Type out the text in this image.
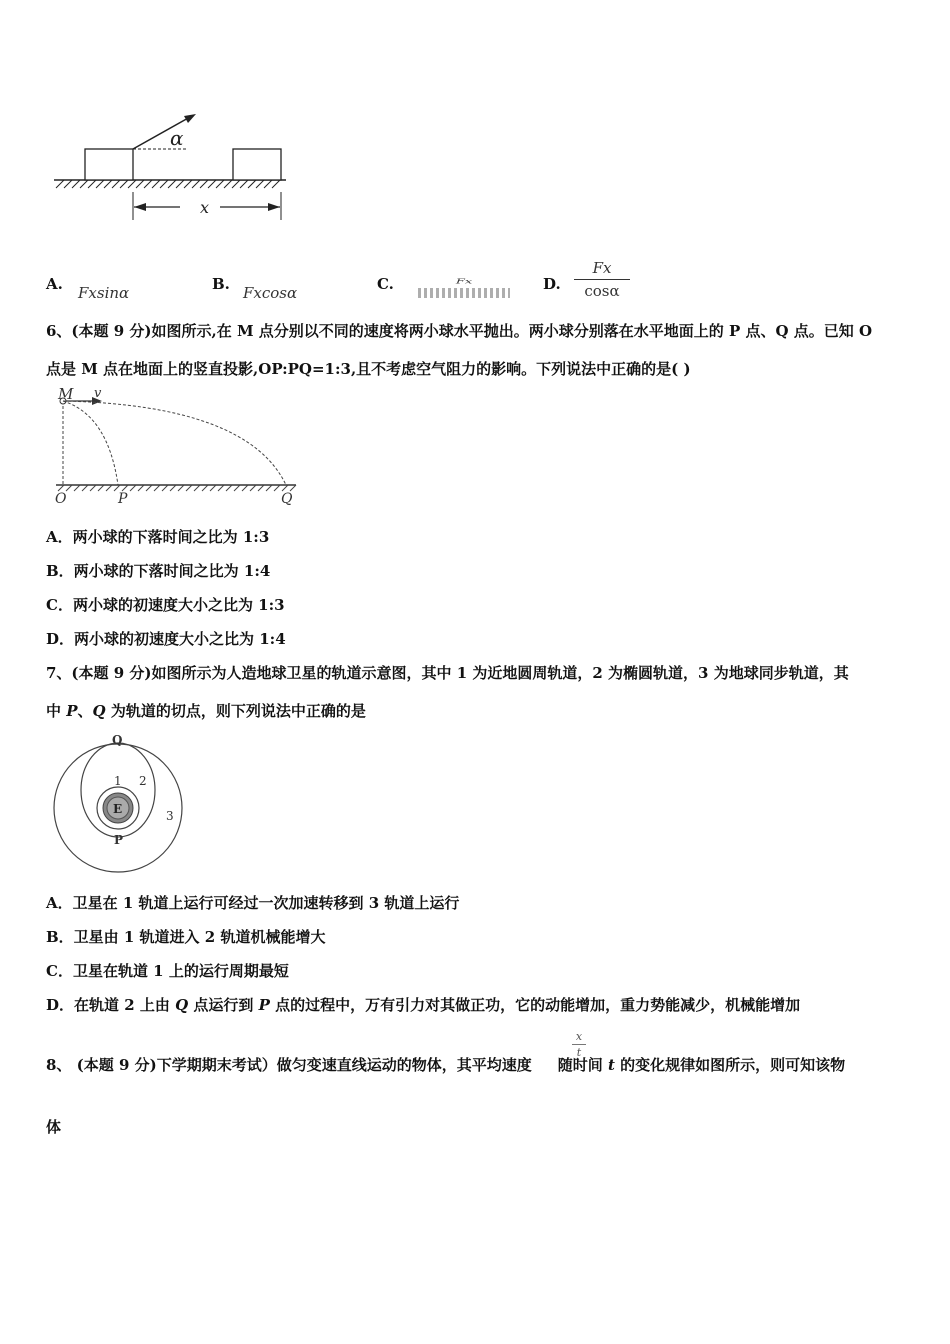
α
x
A. Fxsinα	B. Fxcosα	C.	Fx	D.
Fx
cosα
6、(本题 9 分)如图所示,在 M 点分别以不同的速度将两小球水平抛出。两小球分别落在水平地面上的 P 点、Q 点。已知 O
点是 M 点在地面上的竖直投影,OP:PQ=1:3,且不考虑空气阻力的影响。下列说法中正确的是( )
M v
O	P	Q
A．两小球的下落时间之比为 1:3
B．两小球的下落时间之比为 1:4
C．两小球的初速度大小之比为 1:3
D．两小球的初速度大小之比为 1:4
7、(本题 9 分)如图所示为人造地球卫星的轨道示意图，其中 1 为近地圆周轨道，2 为椭圆轨道，3 为地球同步轨道，其
中 P、Q 为轨道的切点，则下列说法中正确的是
E
Q
P
1 2
3
A．卫星在 1 轨道上运行可经过一次加速转移到 3 轨道上运行
B．卫星由 1 轨道进入 2 轨道机械能增大
C．卫星在轨道 1 上的运行周期最短
D．在轨道 2 上由 Q 点运行到 P 点的过程中，万有引力对其做正功，它的动能增加，重力势能减少，机械能增加
8、 (本题 9 分)下学期期末考试）做匀变速直线运动的物体，其平均速度 随时间 t 的变化规律如图所示，则可知该物
x
t
体
